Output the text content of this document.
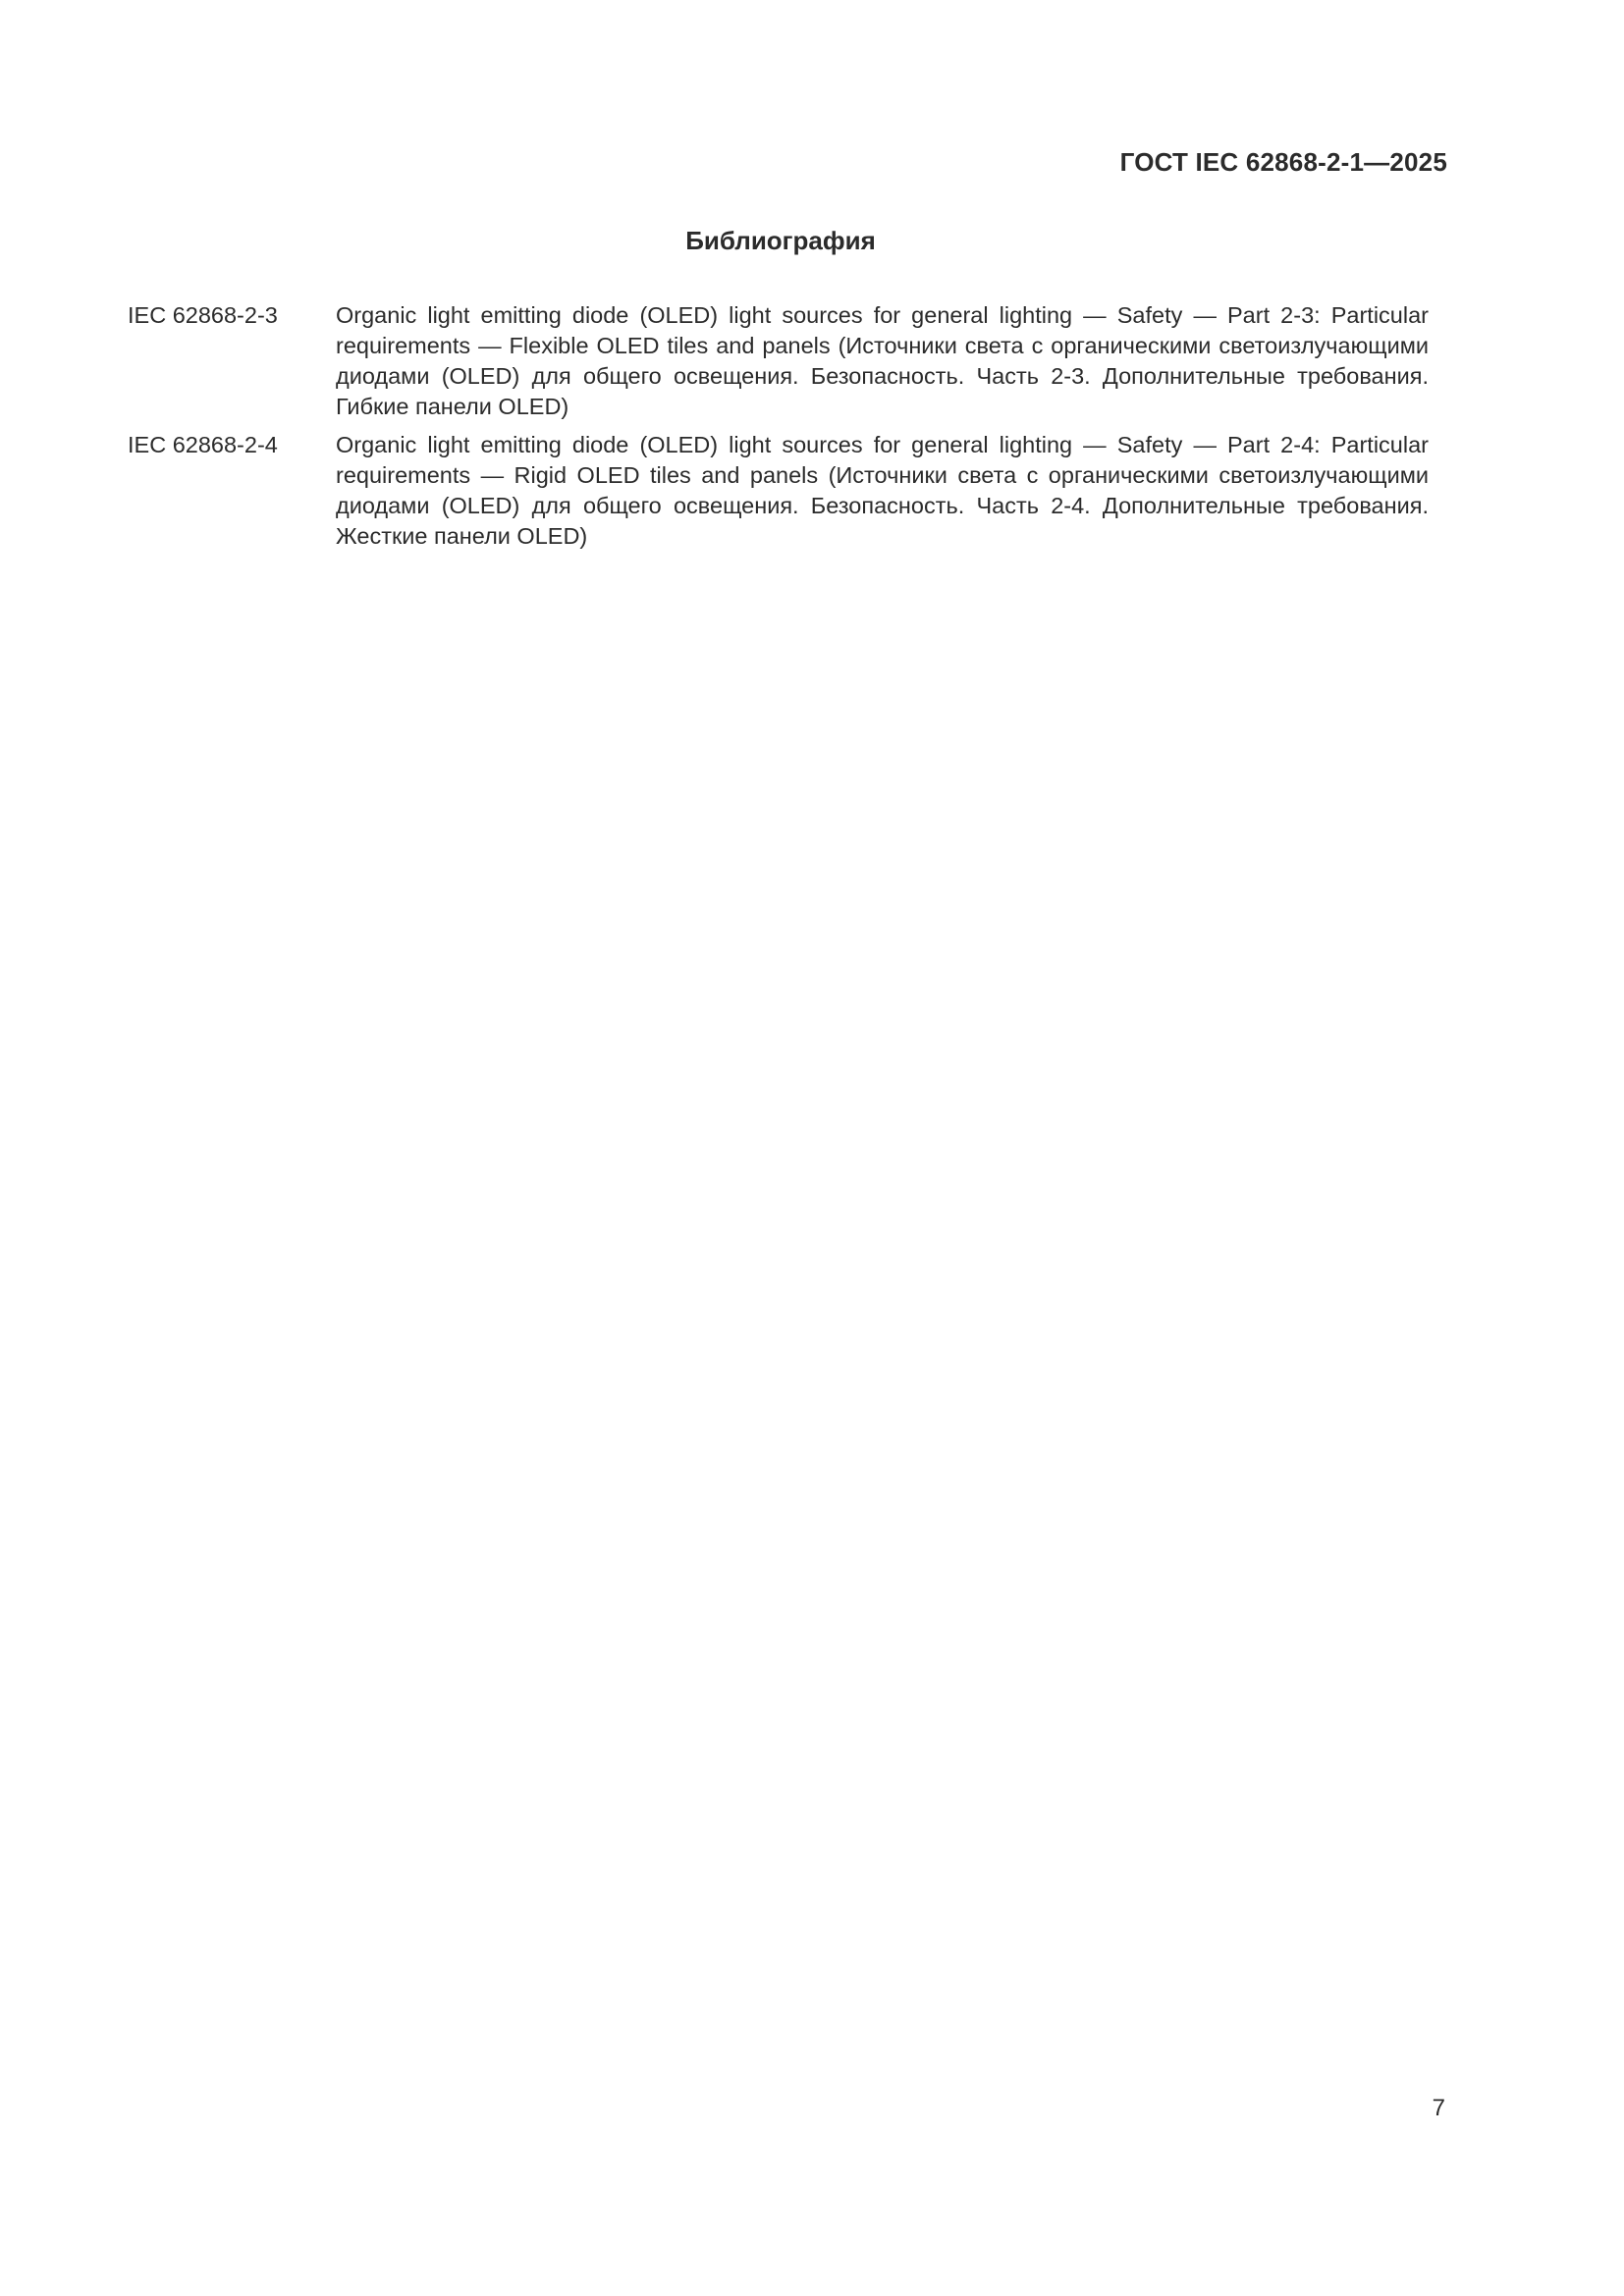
ГОСТ IEC 62868-2-1—2025
Библиография
IEC 62868-2-3	Organic light emitting diode (OLED) light sources for general lighting — Safety — Part 2-3: Particular requirements — Flexible OLED tiles and panels (Источники света с органическими светоизлучающими диодами (OLED) для общего освещения. Безопасность. Часть 2-3. Дополнительные требования. Гибкие панели OLED)
IEC 62868-2-4	Organic light emitting diode (OLED) light sources for general lighting — Safety — Part 2-4: Particular requirements — Rigid OLED tiles and panels (Источники света с органическими светоизлучающими диодами (OLED) для общего освещения. Безопасность. Часть 2-4. Дополнительные требования. Жесткие панели OLED)
7
